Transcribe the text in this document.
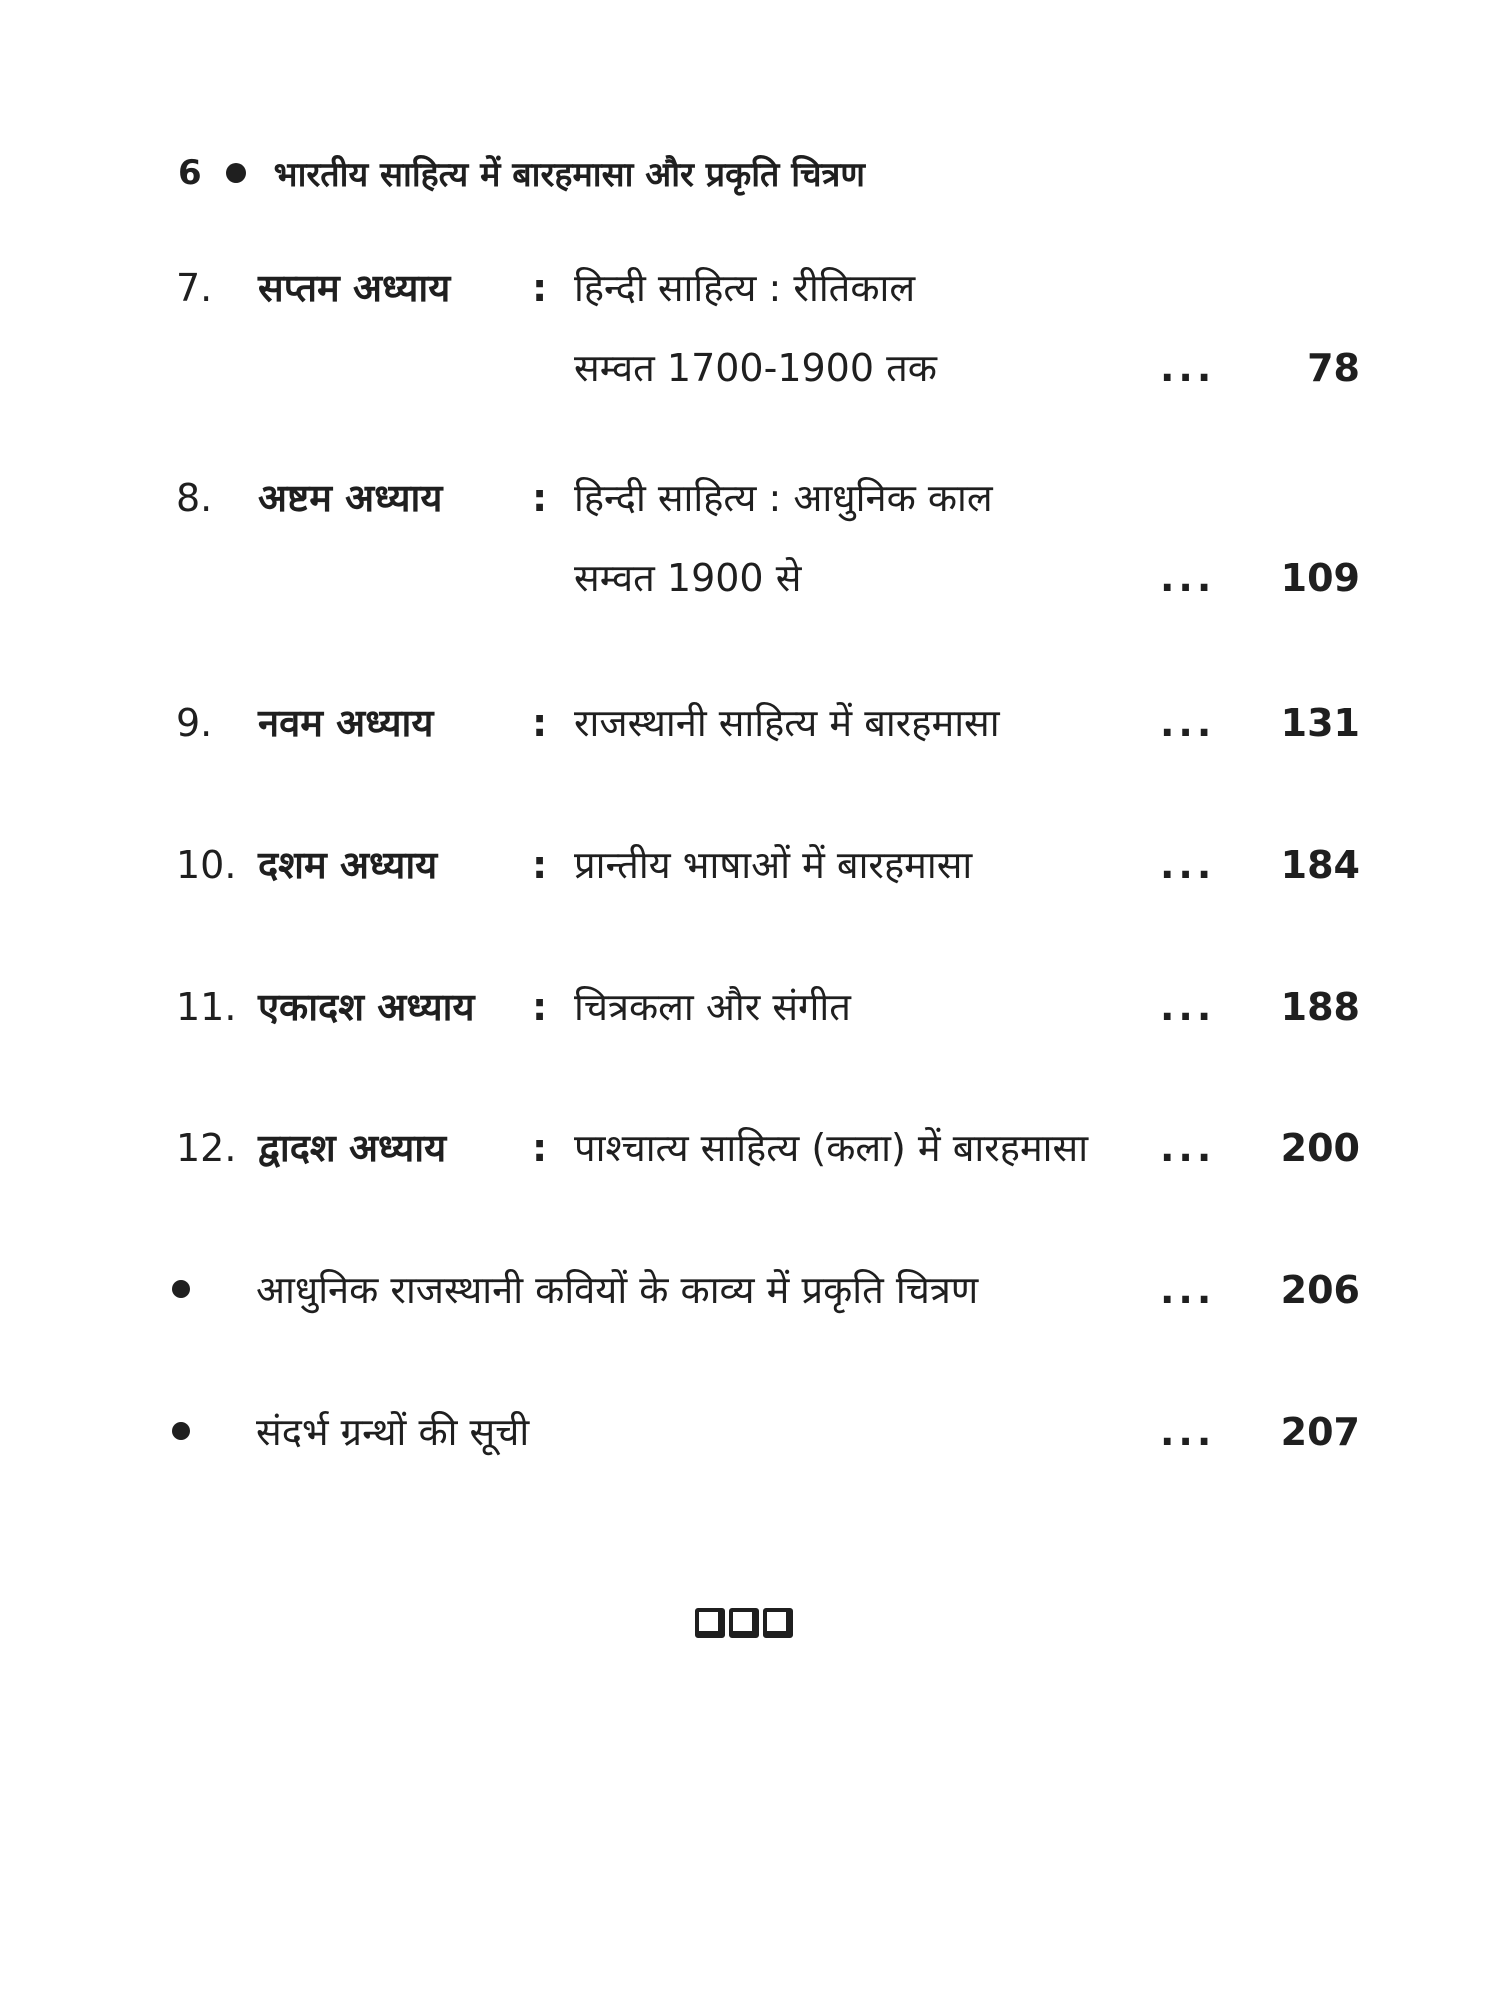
6 भारतीय साहित्य में बारहमासा और प्रकृति चित्रण
7. सप्तम अध्याय : हिन्दी साहित्य : रीतिकाल
सम्वत 1700-1900 तक	... 78
8. अष्टम अध्याय : हिन्दी साहित्य : आधुनिक काल
सम्वत 1900 से	... 109
9. नवम अध्याय	: राजस्थानी साहित्य में बारहमासा	... 131
10. दशम अध्याय : प्रान्तीय भाषाओं में बारहमासा	... 184
11. एकादश अध्याय : चित्रकला और संगीत	... 188
12. द्वादश अध्याय : पाश्चात्य साहित्य (कला) में बारहमासा ... 200
आधुनिक राजस्थानी कवियों के काव्य में प्रकृति चित्रण	... 206
संदर्भ ग्रन्थों की सूची	... 207
